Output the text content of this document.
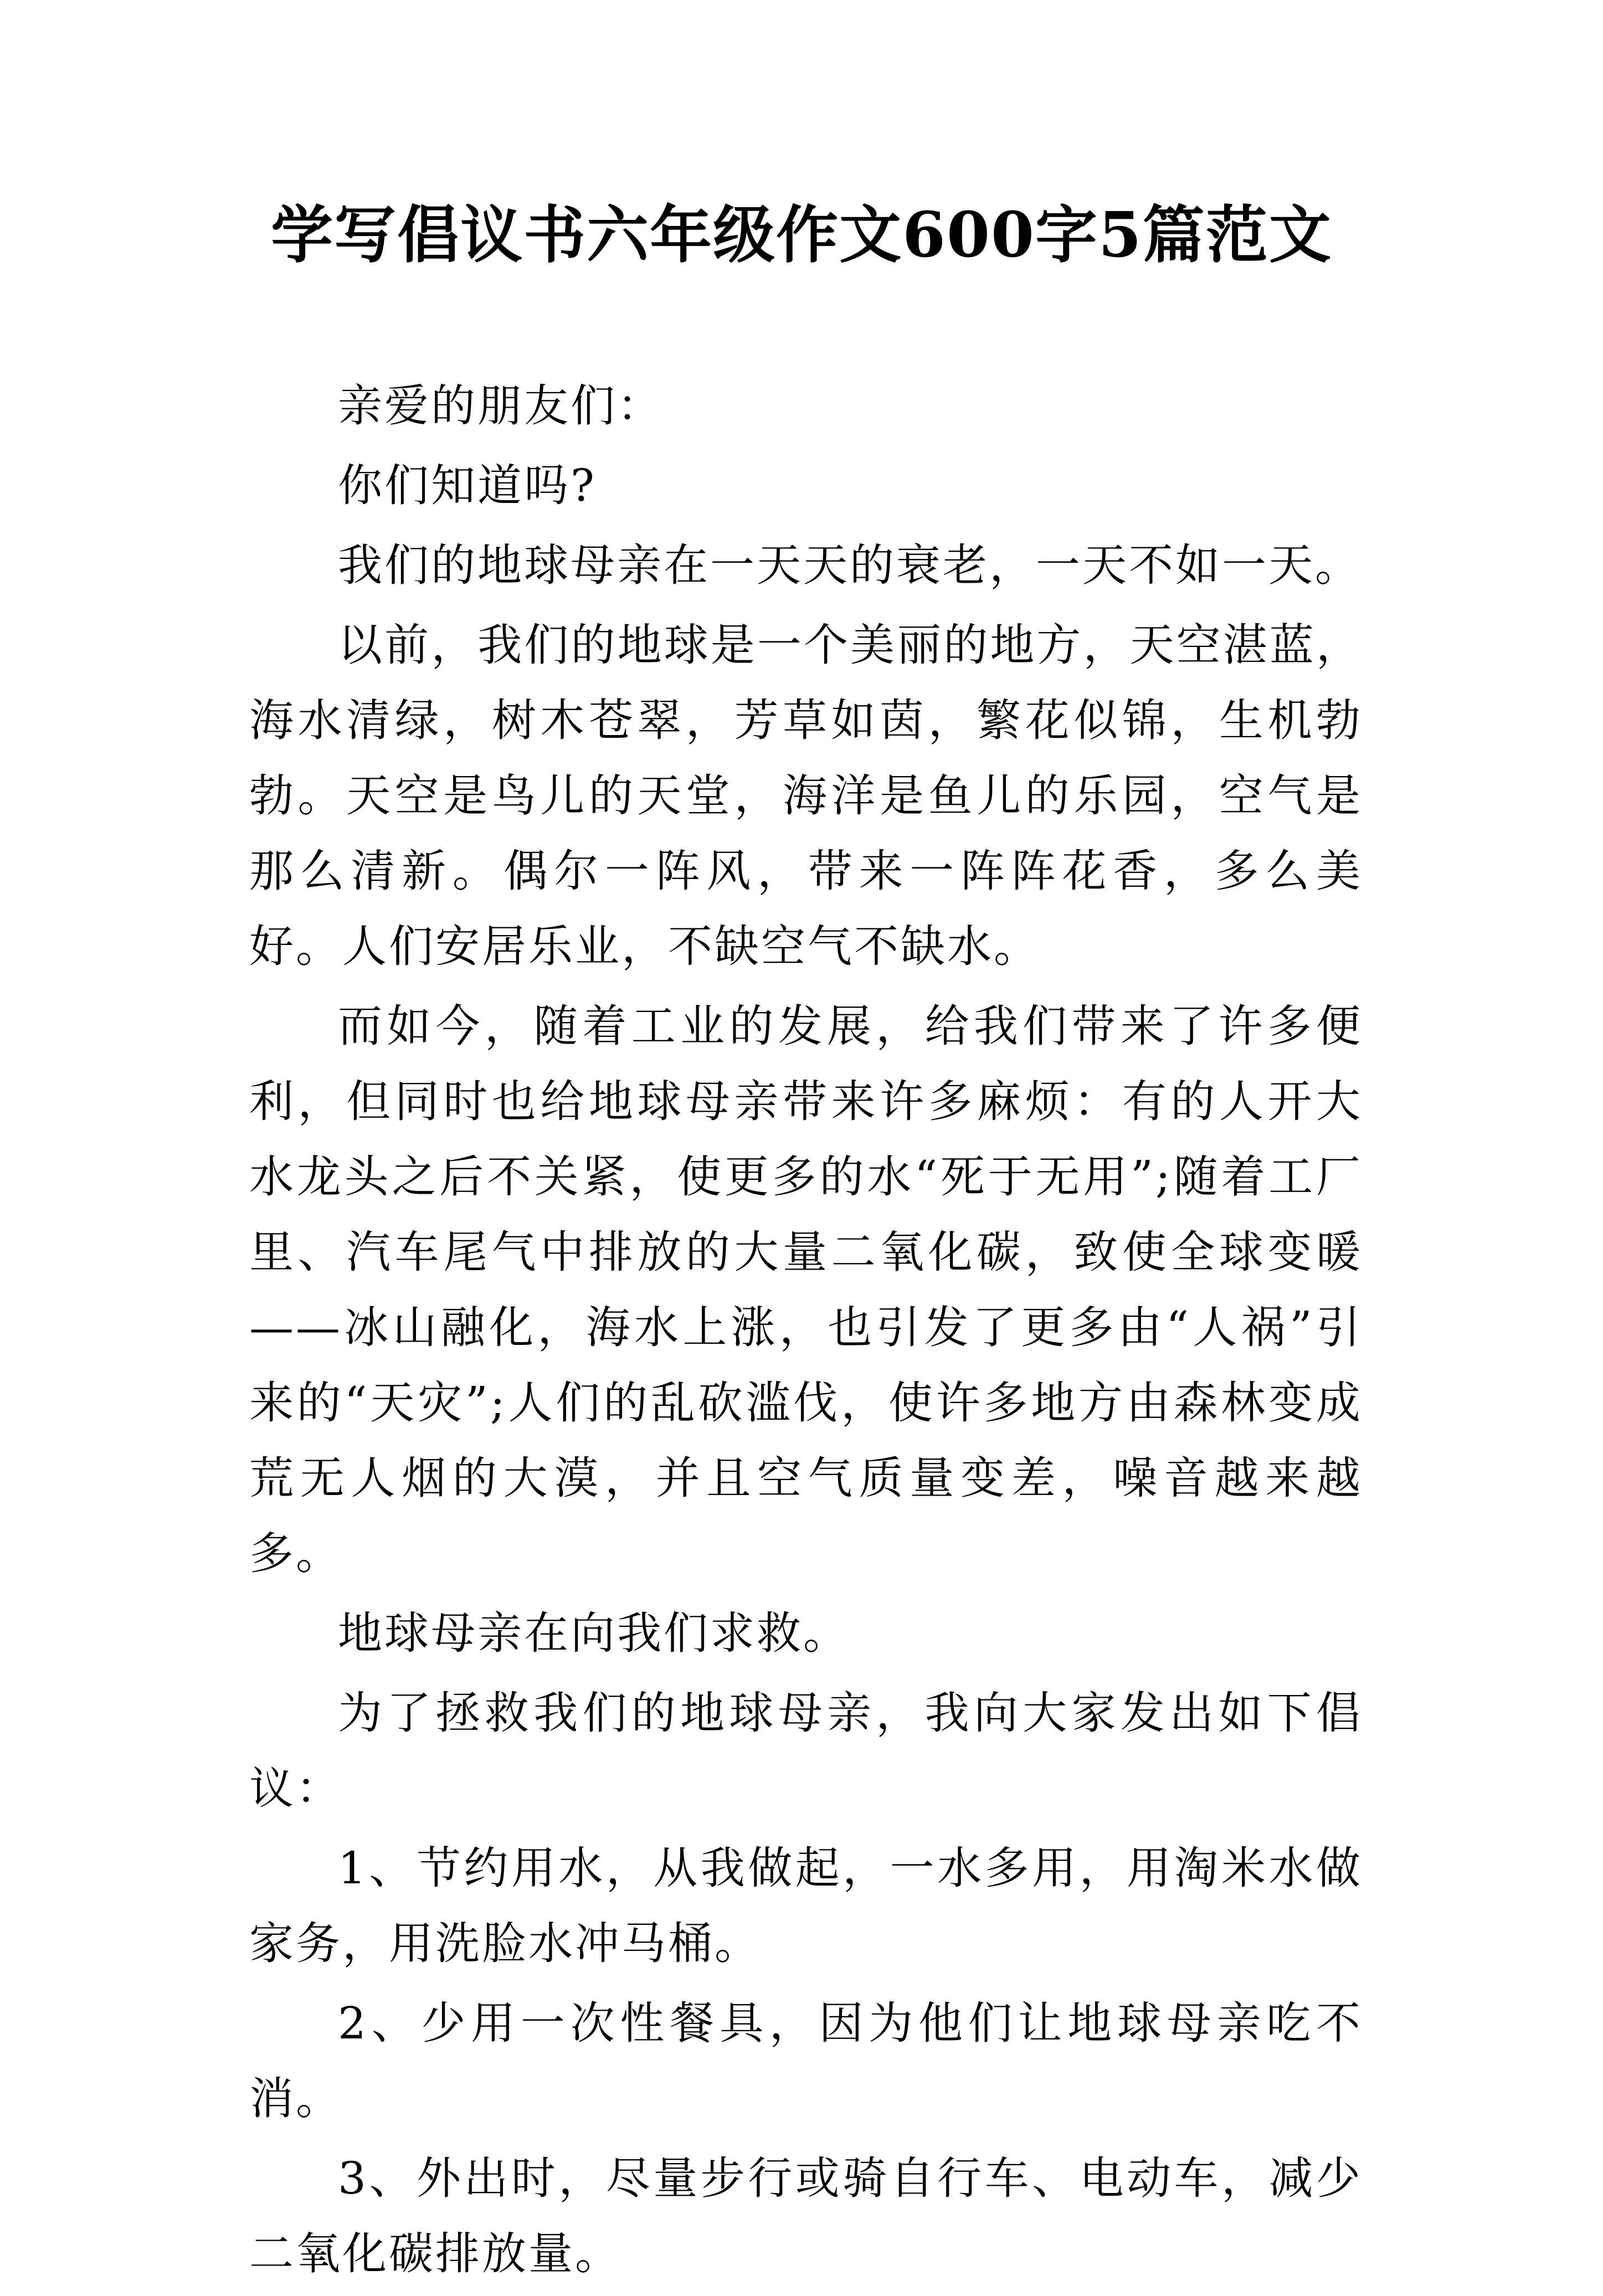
学写倡议书六年级作文600字5篇范文

亲爱的朋友们：

你们知道吗?

我们的地球母亲在一天天的衰老，一天不如一天。

以前，我们的地球是一个美丽的地方，天空湛蓝，海水清绿，树木苍翠，芳草如茵，繁花似锦，生机勃勃。天空是鸟儿的天堂，海洋是鱼儿的乐园，空气是那么清新。偶尔一阵风，带来一阵阵花香，多么美好。人们安居乐业，不缺空气不缺水。

而如今，随着工业的发展，给我们带来了许多便利，但同时也给地球母亲带来许多麻烦：有的人开大水龙头之后不关紧，使更多的水“死于无用”;随着工厂里、汽车尾气中排放的大量二氧化碳，致使全球变暖——冰山融化，海水上涨，也引发了更多由“人祸”引来的“天灾”;人们的乱砍滥伐，使许多地方由森林变成荒无人烟的大漠，并且空气质量变差，噪音越来越多。

地球母亲在向我们求救。

为了拯救我们的地球母亲，我向大家发出如下倡议：

1、节约用水，从我做起，一水多用，用淘米水做家务，用洗脸水冲马桶。

2、少用一次性餐具，因为他们让地球母亲吃不消。

3、外出时，尽量步行或骑自行车、电动车，减少二氧化碳排放量。
